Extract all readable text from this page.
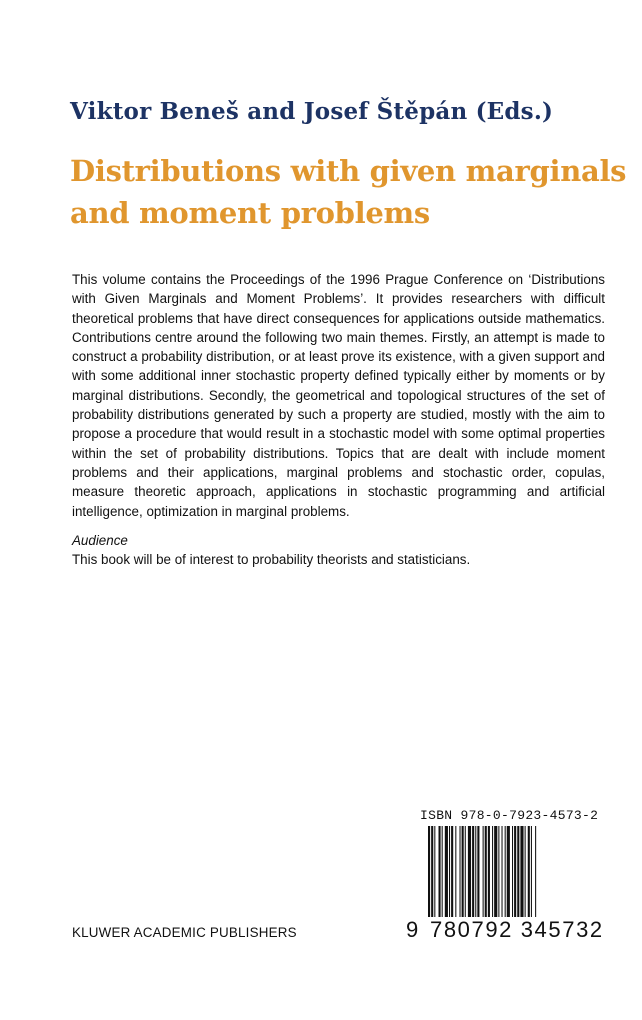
Viktor Beneš and Josef Štěpán (Eds.)
Distributions with given marginals
and moment problems

This volume contains the Proceedings of the 1996 Prague Conference on ‘Distributions with Given Marginals and Moment Problems’. It provides researchers with difficult theoretical problems that have direct consequences for applications outside mathematics. Contributions centre around the following two main themes. Firstly, an attempt is made to construct a probability distribution, or at least prove its existence, with a given support and with some additional inner stochastic property defined typically either by moments or by marginal distributions. Secondly, the geometrical and topological structures of the set of probability distributions generated by such a property are studied, mostly with the aim to propose a procedure that would result in a stochastic model with some optimal properties within the set of probability distributions. Topics that are dealt with include moment problems and their applications, marginal problems and stochastic order, copulas, measure theoretic approach, applications in stochastic programming and artificial intelligence, optimization in marginal problems.

Audience
This book will be of interest to probability theorists and statisticians.
ISBN 978-0-7923-4573-2
9 780792 345732
KLUWER ACADEMIC PUBLISHERS
